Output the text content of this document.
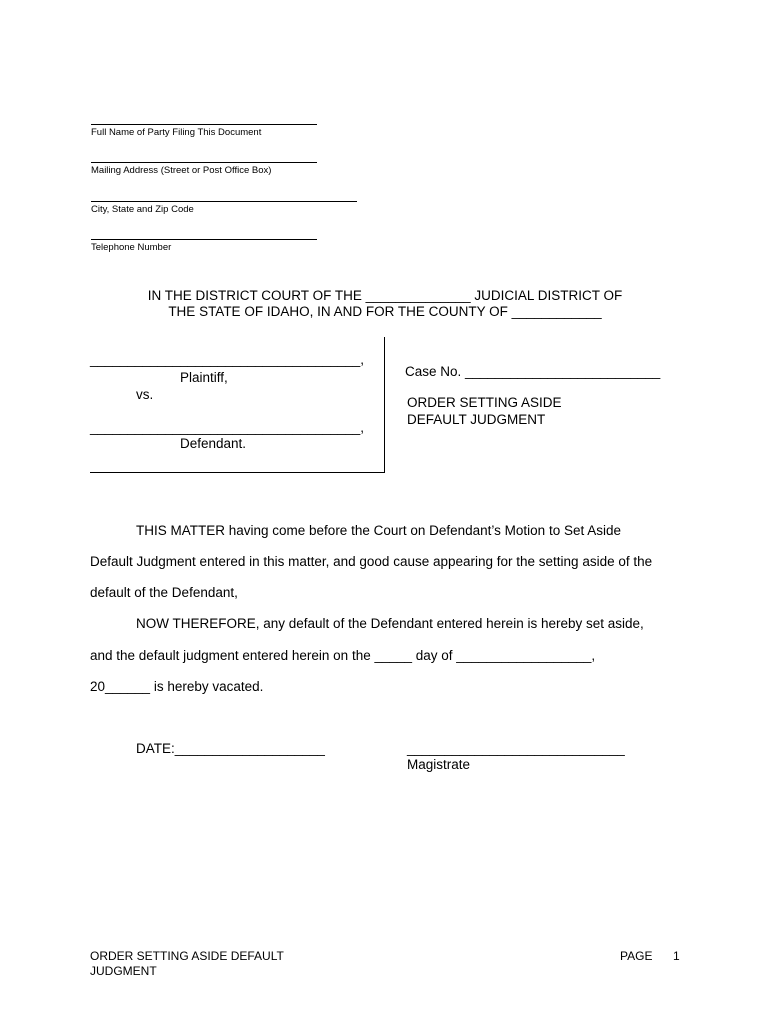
Full Name of Party Filing This Document
Mailing Address (Street or Post Office Box)
City, State and Zip Code
Telephone Number
IN THE DISTRICT COURT OF THE ______________ JUDICIAL DISTRICT OF
THE STATE OF IDAHO, IN AND FOR THE COUNTY OF ____________
____________________________________,
Plaintiff,
vs.
____________________________________,
Defendant.
Case No. __________________________
ORDER SETTING ASIDE
DEFAULT JUDGMENT
THIS MATTER having come before the Court on Defendant’s Motion to Set Aside
Default Judgment entered in this matter, and good cause appearing for the setting aside of the
default of the Defendant,
NOW THEREFORE, any default of the Defendant entered herein is hereby set aside,
and the default judgment entered herein on the _____ day of __________________,
20______ is hereby vacated.
DATE:____________________	_____________________________
Magistrate
ORDER SETTING ASIDE DEFAULT
JUDGMENT
PAGE 1
